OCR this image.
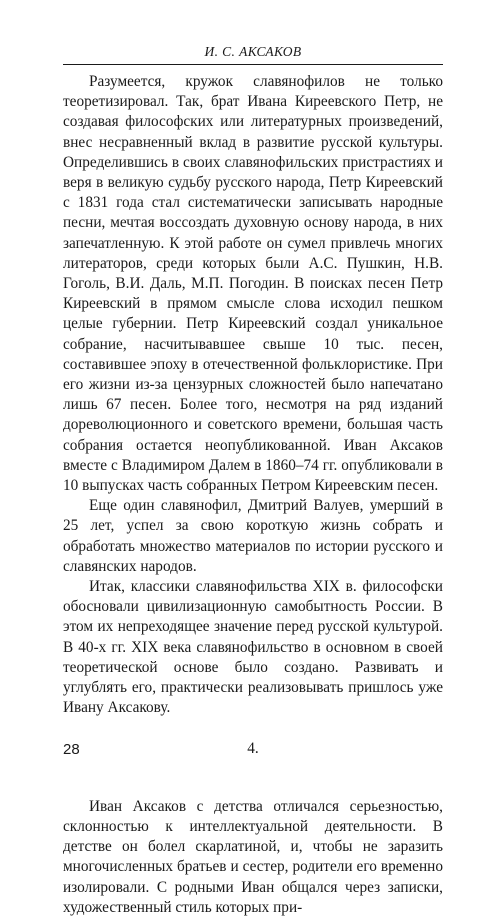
И. С. АКСАКОВ

Разумеется, кружок славянофилов не только теоретизировал. Так, брат Ивана Киреевского Петр, не создавая философских или литературных произведений, внес несравненный вклад в развитие русской культуры. Определившись в своих славянофильских пристрастиях и веря в великую судьбу русского народа, Петр Киреевский с 1831 года стал систематически записывать народные песни, мечтая воссоздать духовную основу народа, в них запечатленную. К этой работе он сумел привлечь многих литераторов, среди которых были А.С. Пушкин, Н.В. Гоголь, В.И. Даль, М.П. Погодин. В поисках песен Петр Киреевский в прямом смысле слова исходил пешком целые губернии. Петр Киреевский создал уникальное собрание, насчитывавшее свыше 10 тыс. песен, составившее эпоху в отечественной фольклористике. При его жизни из-за цензурных сложностей было напечатано лишь 67 песен. Более того, несмотря на ряд изданий дореволюционного и советского времени, большая часть собрания остается неопубликованной. Иван Аксаков вместе с Владимиром Далем в 1860–74 гг. опубликовали в 10 выпусках часть собранных Петром Киреевским песен.

Еще один славянофил, Дмитрий Валуев, умерший в 25 лет, успел за свою короткую жизнь собрать и обработать множество материалов по истории русского и славянских народов.

Итак, классики славянофильства XIX в. философски обосновали цивилизационную самобытность России. В этом их непреходящее значение перед русской культурой. В 40-х гг. XIX века славянофильство в основном в своей теоретической основе было создано. Развивать и углублять его, практически реализовывать пришлось уже Ивану Аксакову.

4.

Иван Аксаков с детства отличался серьезностью, склонностью к интеллектуальной деятельности. В детстве он болел скарлатиной, и, чтобы не заразить многочисленных братьев и сестер, родители его временно изолировали. С родными Иван общался через записки, художественный стиль которых при-

28
